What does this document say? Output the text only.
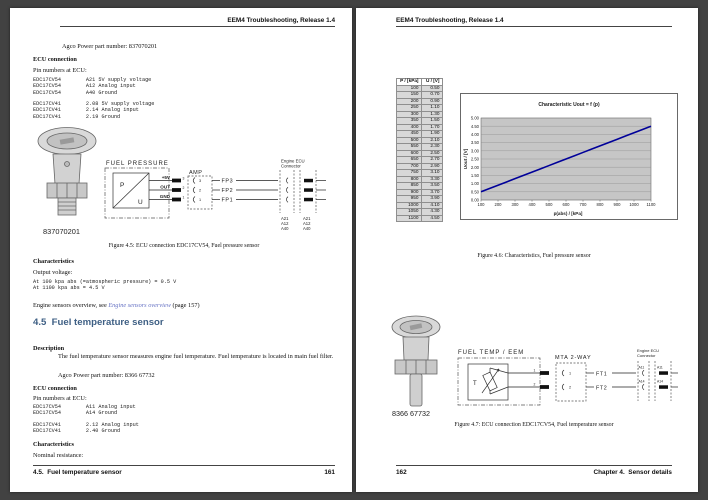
EEM4 Troubleshooting, Release 1.4
Agco Power part number: 837070201
ECU connection
Pin numbers at ECU:
EDC17CV54        A21 5V supply voltage
EDC17CV54        A12 Analog input
EDC17CV54        A40 Ground
EDC17CV41        2.08 5V supply voltage
EDC17CV41        2.14 Analog input
EDC17CV41        2.19 Ground
837070201
FUEL PRESSURE
P
U
+5V
OUT
GND
3
2
1
AMP
3
2
1
FP3
FP2
FP1
Engine ECU
Connector
A21
A12
A40
A21
A12
A40
Figure 4.5: ECU connection EDC17CV54, Fuel pressure sensor
Characteristics
Output voltage:
At 100 kpa abs (=atmospheric pressure) = 0.5 V
At 1100 kpa abs = 4.5 V
Engine sensors overview, see Engine sensors overview (page 157)
4.5  Fuel temperature sensor
Description
The fuel temperature sensor measures engine fuel temperature. Fuel temperature is located in main fuel filter.
Agco Power part number: 8366 67732
ECU connection
Pin numbers at ECU:
EDC17CV54        A11 Analog input
EDC17CV54        A14 Ground
EDC17CV41        2.12 Analog input
EDC17CV41        2.40 Ground
Characteristics
Nominal resistance:
4.5.  Fuel temperature sensor	161
EEM4 Troubleshooting, Release 1.4
P / [kPa]	U / [V]
100	0.50
150	0.70
200	0.90
250	1.10
300	1.30
350	1.50
400	1.70
450	1.90
500	2.10
550	2.30
600	2.50
650	2.70
700	2.90
750	3.10
800	3.30
850	3.50
900	3.70
950	3.90
1000	4.10
1050	4.30
1100	4.50
Characteristic Uout = f (p)
0.00
0.50
1.00
1.50
2.00
2.50
3.00
3.50
4.00
4.50
5.00
100 200 300 400 500 600 700 800 900 1000 1100
p(abs) / [kPa]
Uout / [V]
Figure 4.6: Characteristics, Fuel pressure sensor
8366 67732
FUEL TEMP / EEM
T
1
2
MTA 2-WAY
1
2
FT1
FT2
Engine ECU
Connector
A11
A14
A11
A14
Figure 4.7: ECU connection EDC17CV54, Fuel temperature sensor
162	Chapter 4.  Sensor details
